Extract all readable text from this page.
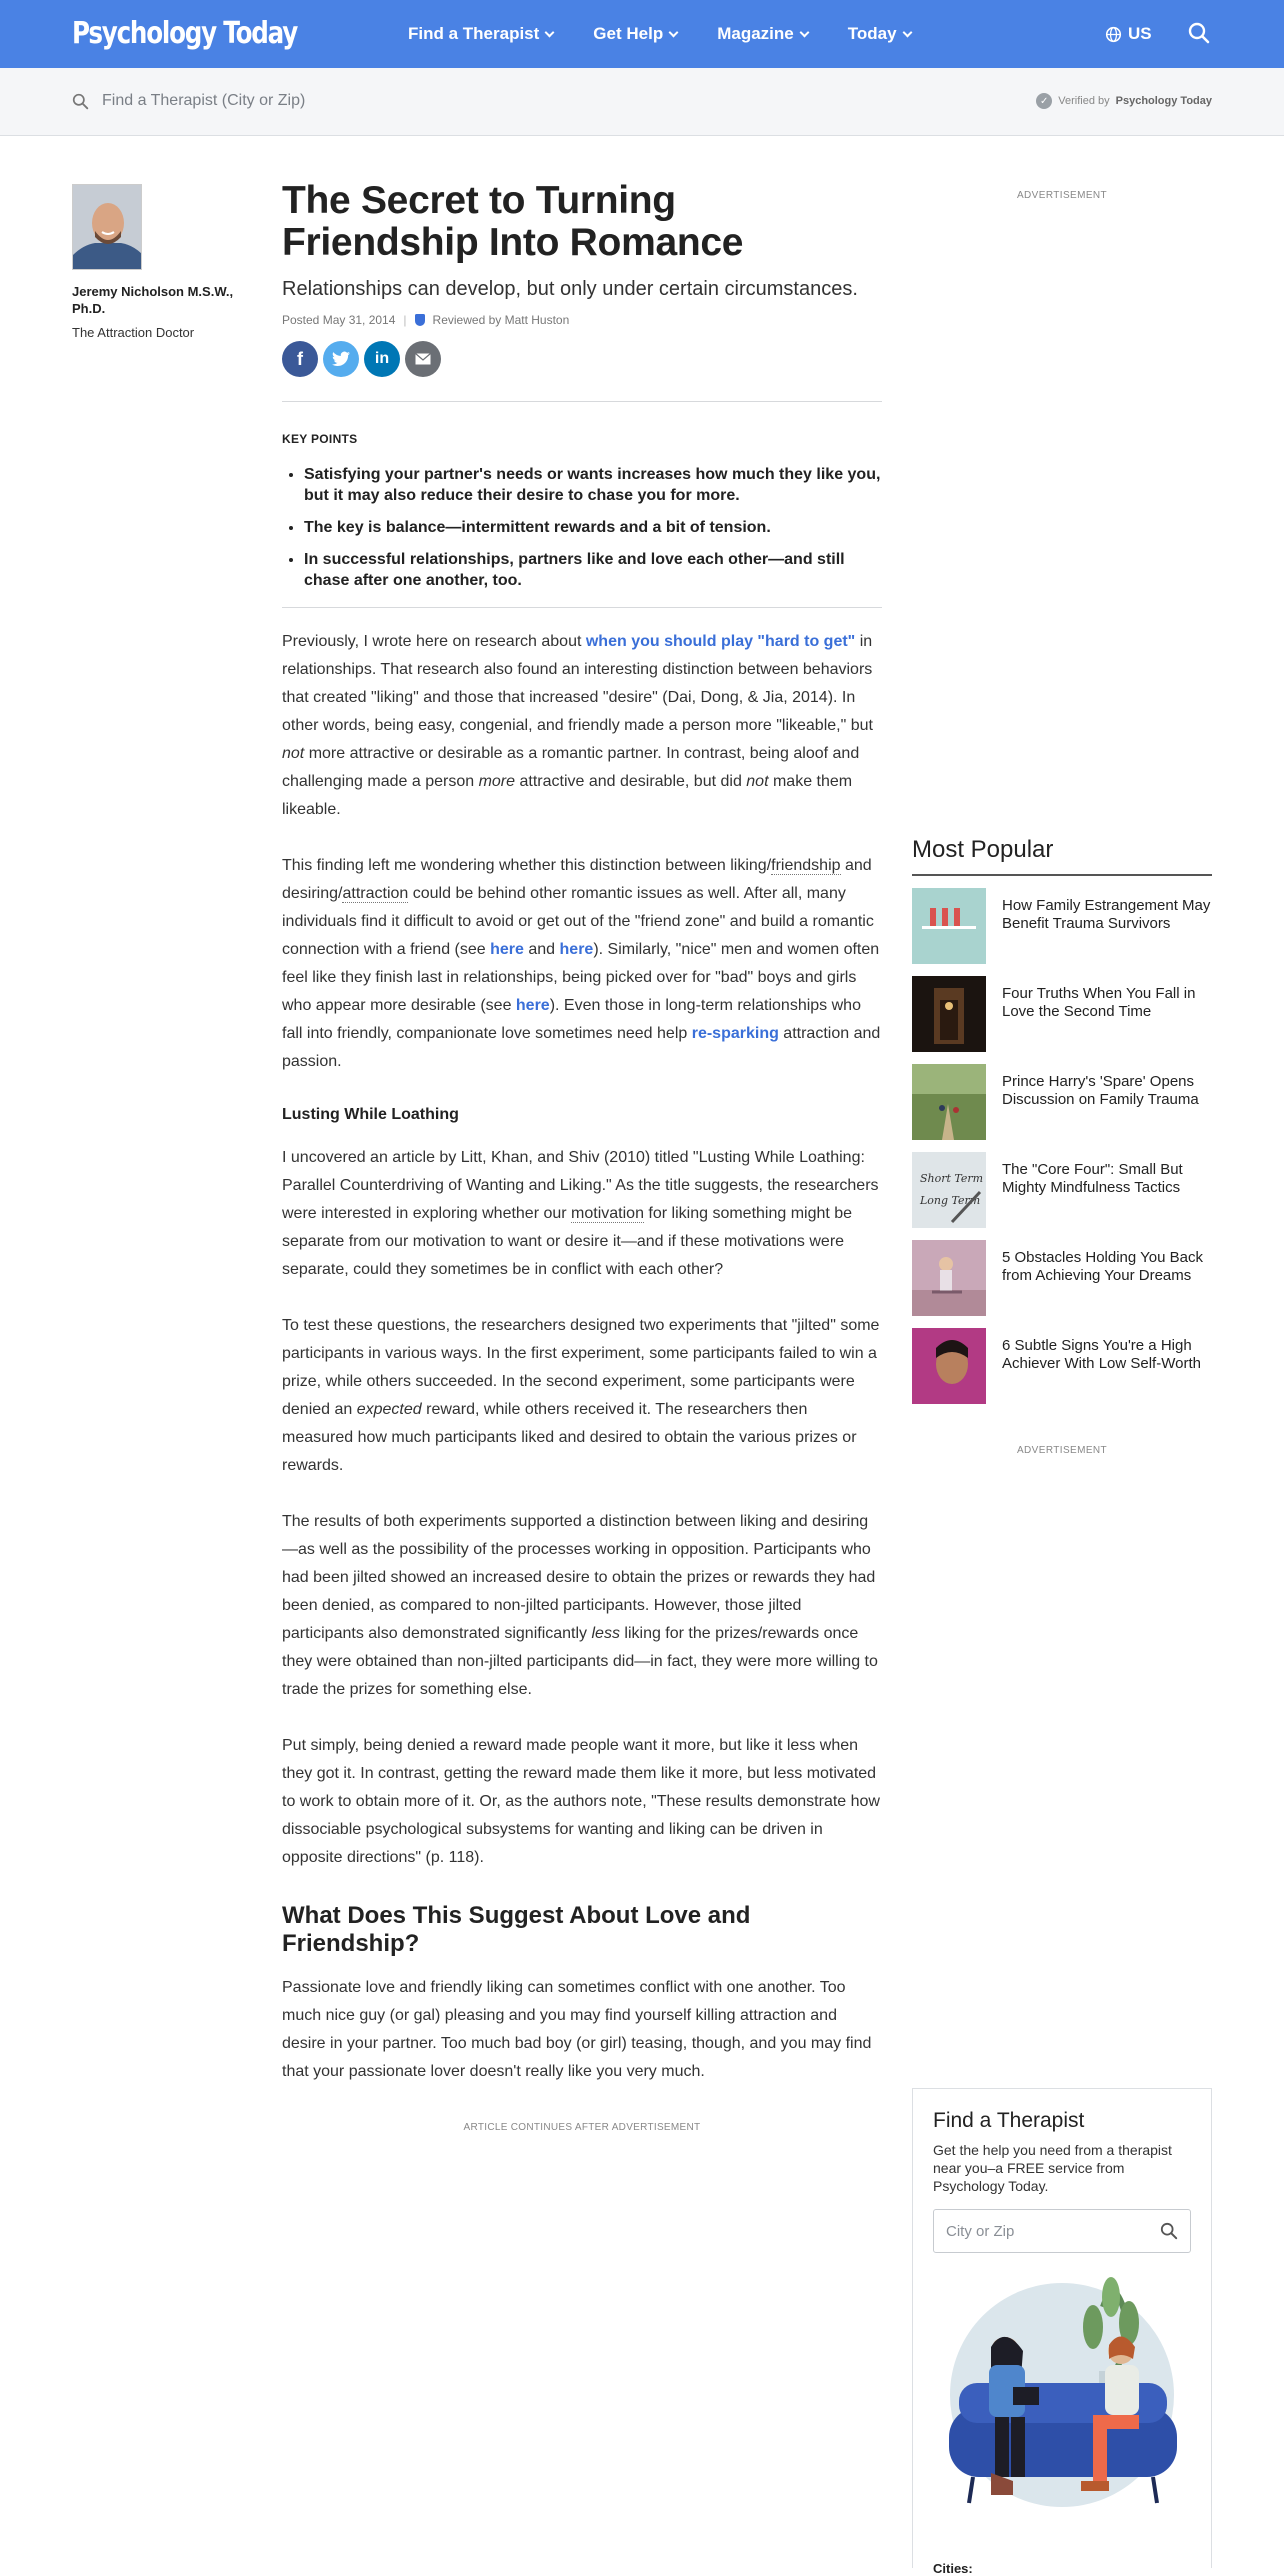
Psychology Today	Find a Therapist	Get Help	Magazine	Today	US
Find a Therapist (City or Zip)	✓ Verified by Psychology Today
Jeremy Nicholson M.S.W., Ph.D.
The Attraction Doctor
The Secret to Turning Friendship Into Romance
Relationships can develop, but only under certain circumstances.
Posted May 31, 2014 | Reviewed by Matt Huston
f	in
KEY POINTS
• Satisfying your partner's needs or wants increases how much they like you, but it may also reduce their desire to chase you for more.
• The key is balance—intermittent rewards and a bit of tension.
• In successful relationships, partners like and love each other—and still chase after one another, too.

Previously, I wrote here on research about when you should play "hard to get" in relationships. That research also found an interesting distinction between behaviors that created "liking" and those that increased "desire" (Dai, Dong, & Jia, 2014). In other words, being easy, congenial, and friendly made a person more "likeable," but not more attractive or desirable as a romantic partner. In contrast, being aloof and challenging made a person more attractive and desirable, but did not make them likeable.

This finding left me wondering whether this distinction between liking/friendship and desiring/attraction could be behind other romantic issues as well. After all, many individuals find it difficult to avoid or get out of the "friend zone" and build a romantic connection with a friend (see here and here). Similarly, "nice" men and women often feel like they finish last in relationships, being picked over for "bad" boys and girls who appear more desirable (see here). Even those in long-term relationships who fall into friendly, companionate love sometimes need help re-sparking attraction and passion.

Lusting While Loathing

I uncovered an article by Litt, Khan, and Shiv (2010) titled "Lusting While Loathing: Parallel Counterdriving of Wanting and Liking." As the title suggests, the researchers were interested in exploring whether our motivation for liking something might be separate from our motivation to want or desire it—and if these motivations were separate, could they sometimes be in conflict with each other?

To test these questions, the researchers designed two experiments that "jilted" some participants in various ways. In the first experiment, some participants failed to win a prize, while others succeeded. In the second experiment, some participants were denied an expected reward, while others received it. The researchers then measured how much participants liked and desired to obtain the various prizes or rewards.

The results of both experiments supported a distinction between liking and desiring—as well as the possibility of the processes working in opposition. Participants who had been jilted showed an increased desire to obtain the prizes or rewards they had been denied, as compared to non-jilted participants. However, those jilted participants also demonstrated significantly less liking for the prizes/rewards once they were obtained than non-jilted participants did—in fact, they were more willing to trade the prizes for something else.

Put simply, being denied a reward made people want it more, but like it less when they got it. In contrast, getting the reward made them like it more, but less motivated to work to obtain more of it. Or, as the authors note, "These results demonstrate how dissociable psychological subsystems for wanting and liking can be driven in opposite directions" (p. 118).

What Does This Suggest About Love and Friendship?

Passionate love and friendly liking can sometimes conflict with one another. Too much nice guy (or gal) pleasing and you may find yourself killing attraction and desire in your partner. Too much bad boy (or girl) teasing, though, and you may find that your passionate lover doesn't really like you very much.

ARTICLE CONTINUES AFTER ADVERTISEMENT
ADVERTISEMENT
Most Popular
How Family Estrangement May Benefit Trauma Survivors
Four Truths When You Fall in Love the Second Time
Prince Harry's 'Spare' Opens Discussion on Family Trauma
Short Term
Long Term
The "Core Four": Small But Mighty Mindfulness Tactics
5 Obstacles Holding You Back from Achieving Your Dreams
6 Subtle Signs You're a High Achiever With Low Self-Worth
ADVERTISEMENT
Find a Therapist

Get the help you need from a therapist near you–a FREE service from Psychology Today.

City or Zip
Cities:
